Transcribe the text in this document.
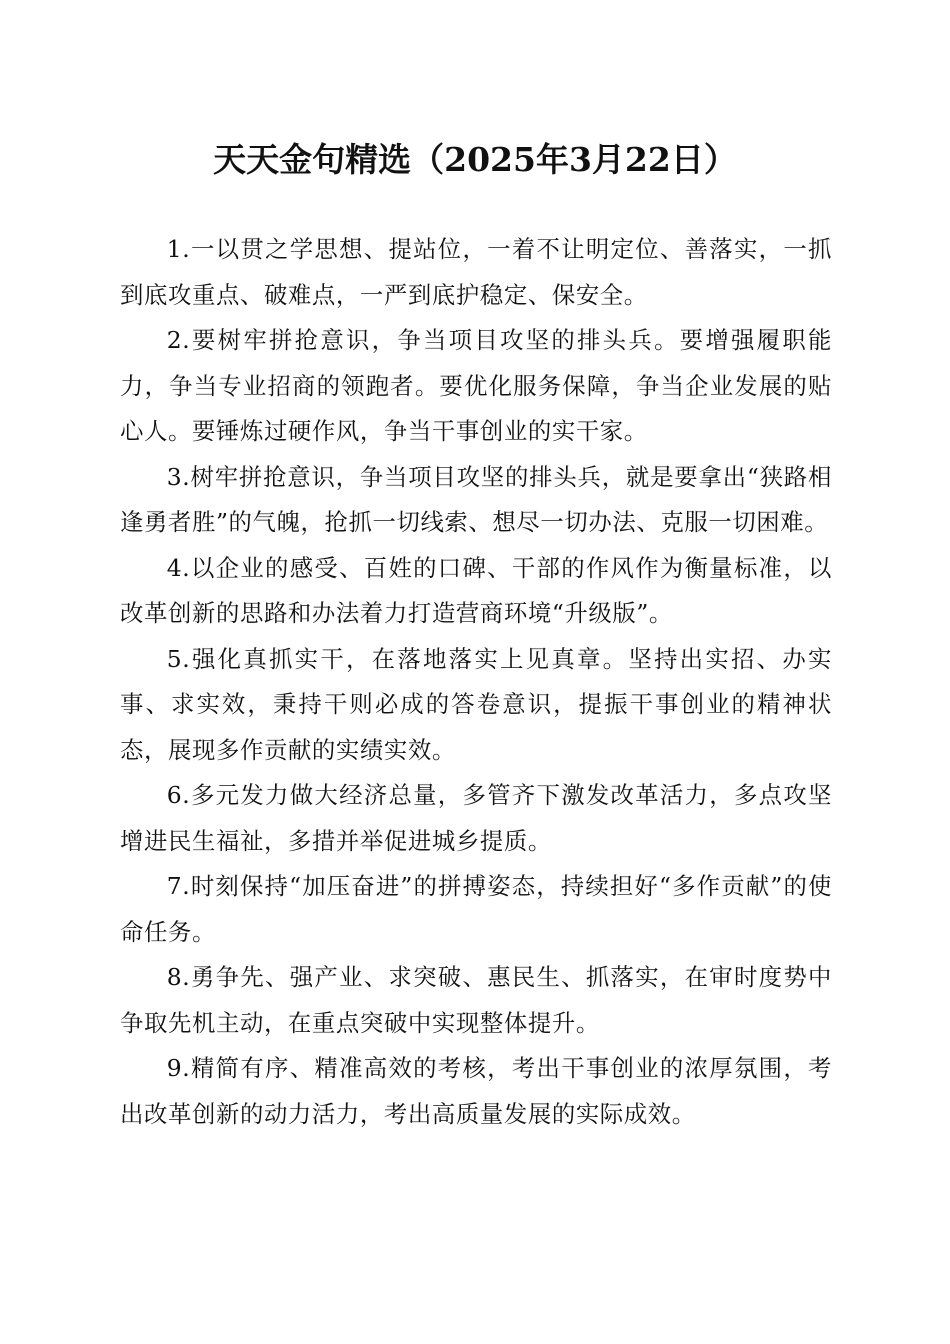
天天金句精选（2025年3月22日）

1.一以贯之学思想、提站位，一着不让明定位、善落实，一抓到底攻重点、破难点，一严到底护稳定、保安全。

2.要树牢拼抢意识，争当项目攻坚的排头兵。要增强履职能力，争当专业招商的领跑者。要优化服务保障，争当企业发展的贴心人。要锤炼过硬作风，争当干事创业的实干家。

3.树牢拼抢意识，争当项目攻坚的排头兵，就是要拿出“狭路相逢勇者胜”的气魄，抢抓一切线索、想尽一切办法、克服一切困难。

4.以企业的感受、百姓的口碑、干部的作风作为衡量标准，以改革创新的思路和办法着力打造营商环境“升级版”。

5.强化真抓实干，在落地落实上见真章。坚持出实招、办实事、求实效，秉持干则必成的答卷意识，提振干事创业的精神状态，展现多作贡献的实绩实效。

6.多元发力做大经济总量，多管齐下激发改革活力，多点攻坚增进民生福祉，多措并举促进城乡提质。

7.时刻保持“加压奋进”的拼搏姿态，持续担好“多作贡献”的使命任务。

8.勇争先、强产业、求突破、惠民生、抓落实，在审时度势中争取先机主动，在重点突破中实现整体提升。

9.精简有序、精准高效的考核，考出干事创业的浓厚氛围，考出改革创新的动力活力，考出高质量发展的实际成效。
